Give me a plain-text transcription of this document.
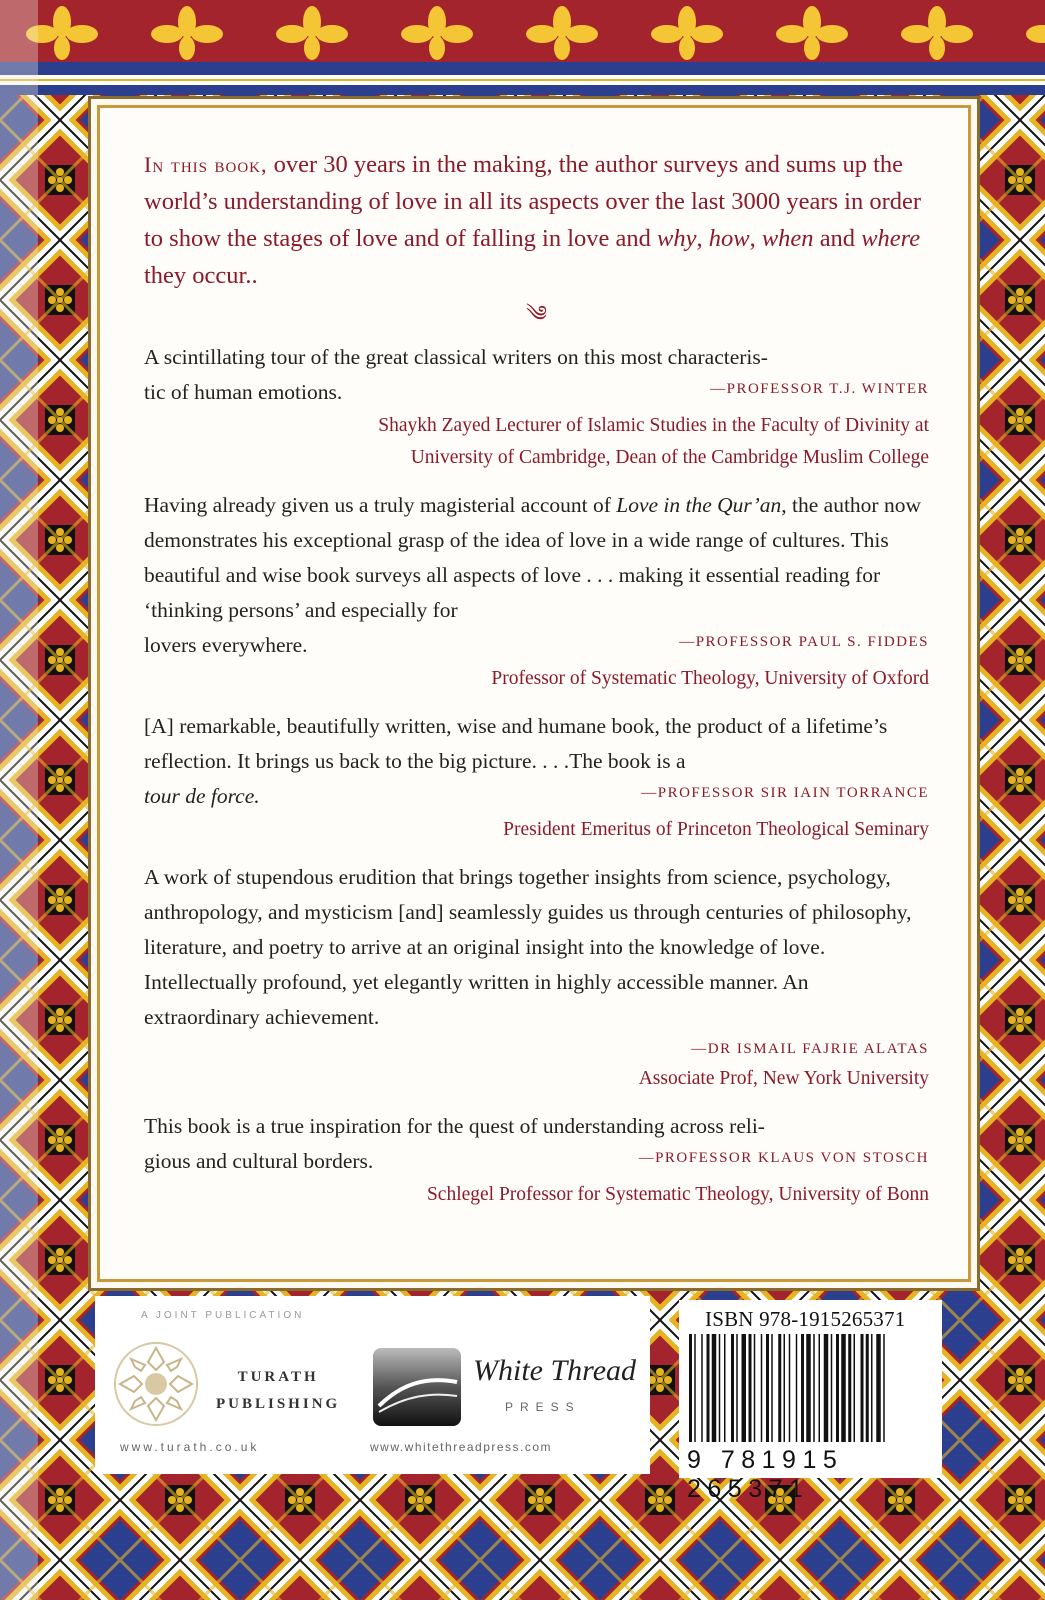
In this book, over 30 years in the making, the author surveys and sums up the world’s understanding of love in all its aspects over the last 3000 years in order to show the stages of love and of falling in love and why, how, when and where they occur..

༄

A scintillating tour of the great classical writers on this most characteris-

tic of human emotions.	—PROFESSOR T.J. WINTER
Shaykh Zayed Lecturer of Islamic Studies in the Faculty of Divinity at
University of Cambridge, Dean of the Cambridge Muslim College

Having already given us a truly magisterial account of Love in the Qur’an, the author now demonstrates his exceptional grasp of the idea of love in a wide range of cultures. This beautiful and wise book surveys all aspects of love . . . making it essential reading for ‘thinking persons’ and especially for

lovers everywhere.	—PROFESSOR PAUL S. FIDDES
Professor of Systematic Theology, University of Oxford

[A] remarkable, beautifully written, wise and humane book, the product of a lifetime’s reflection. It brings us back to the big picture. . . .The book is a

tour de force.	—PROFESSOR SIR IAIN TORRANCE
President Emeritus of Princeton Theological Seminary

A work of stupendous erudition that brings together insights from science, psychology, anthropology, and mysticism [and] seamlessly guides us through centuries of philosophy, literature, and poetry to arrive at an original insight into the knowledge of love. Intellectually profound, yet elegantly written in highly accessible manner. An extraordinary achievement.

—DR ISMAIL FAJRIE ALATAS
Associate Prof, New York University

This book is a true inspiration for the quest of understanding across reli-

gious and cultural borders.	—PROFESSOR KLAUS VON STOSCH
Schlegel Professor for Systematic Theology, University of Bonn
A JOINT PUBLICATION
TURATH
PUBLISHING
www.turath.co.uk
White Thread
PRESS
www.whitethreadpress.com
ISBN 978-1915265371
9 781915 265371
